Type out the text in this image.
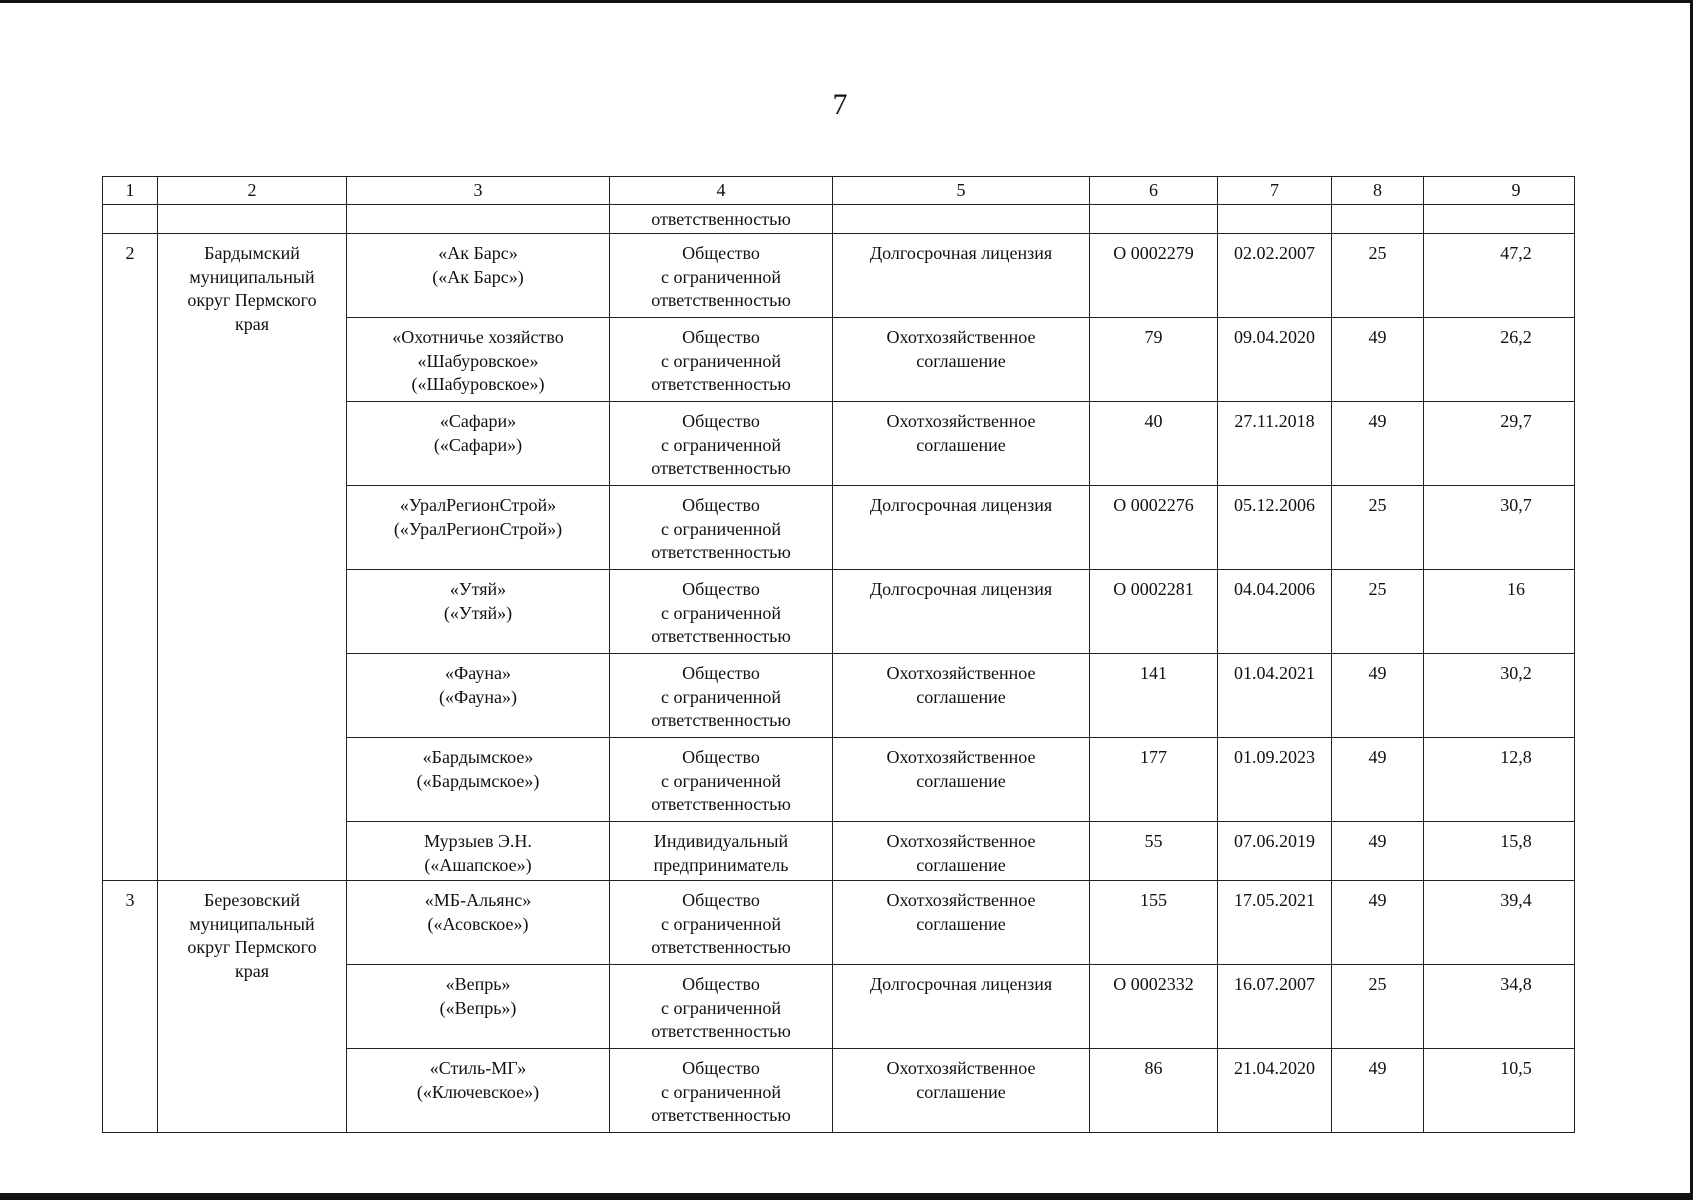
7
1	2	3	4	5	6	7	8	9
			ответственностью					
2	Бардымский
муниципальный
округ Пермского
края	«Ак Барс»
(«Ак Барс»)	Общество
с ограниченной
ответственностью	Долгосрочная лицензия	О 0002279	02.02.2007	25	47,2
		«Охотничье хозяйство
«Шабуровское»
(«Шабуровское»)	Общество
с ограниченной
ответственностью	Охотхозяйственное
соглашение	79	09.04.2020	49	26,2
		«Сафари»
(«Сафари»)	Общество
с ограниченной
ответственностью	Охотхозяйственное
соглашение	40	27.11.2018	49	29,7
		«УралРегионСтрой»
(«УралРегионСтрой»)	Общество
с ограниченной
ответственностью	Долгосрочная лицензия	О 0002276	05.12.2006	25	30,7
		«Утяй»
(«Утяй»)	Общество
с ограниченной
ответственностью	Долгосрочная лицензия	О 0002281	04.04.2006	25	16
		«Фауна»
(«Фауна»)	Общество
с ограниченной
ответственностью	Охотхозяйственное
соглашение	141	01.04.2021	49	30,2
		«Бардымское»
(«Бардымское»)	Общество
с ограниченной
ответственностью	Охотхозяйственное
соглашение	177	01.09.2023	49	12,8
		Мурзыев Э.Н.
(«Ашапское»)	Индивидуальный
предприниматель	Охотхозяйственное
соглашение	55	07.06.2019	49	15,8
3	Березовский
муниципальный
округ Пермского
края	«МБ-Альянс»
(«Асовское»)	Общество
с ограниченной
ответственностью	Охотхозяйственное
соглашение	155	17.05.2021	49	39,4
		«Вепрь»
(«Вепрь»)	Общество
с ограниченной
ответственностью	Долгосрочная лицензия	О 0002332	16.07.2007	25	34,8
		«Стиль-МГ»
(«Ключевское»)	Общество
с ограниченной
ответственностью	Охотхозяйственное
соглашение	86	21.04.2020	49	10,5
